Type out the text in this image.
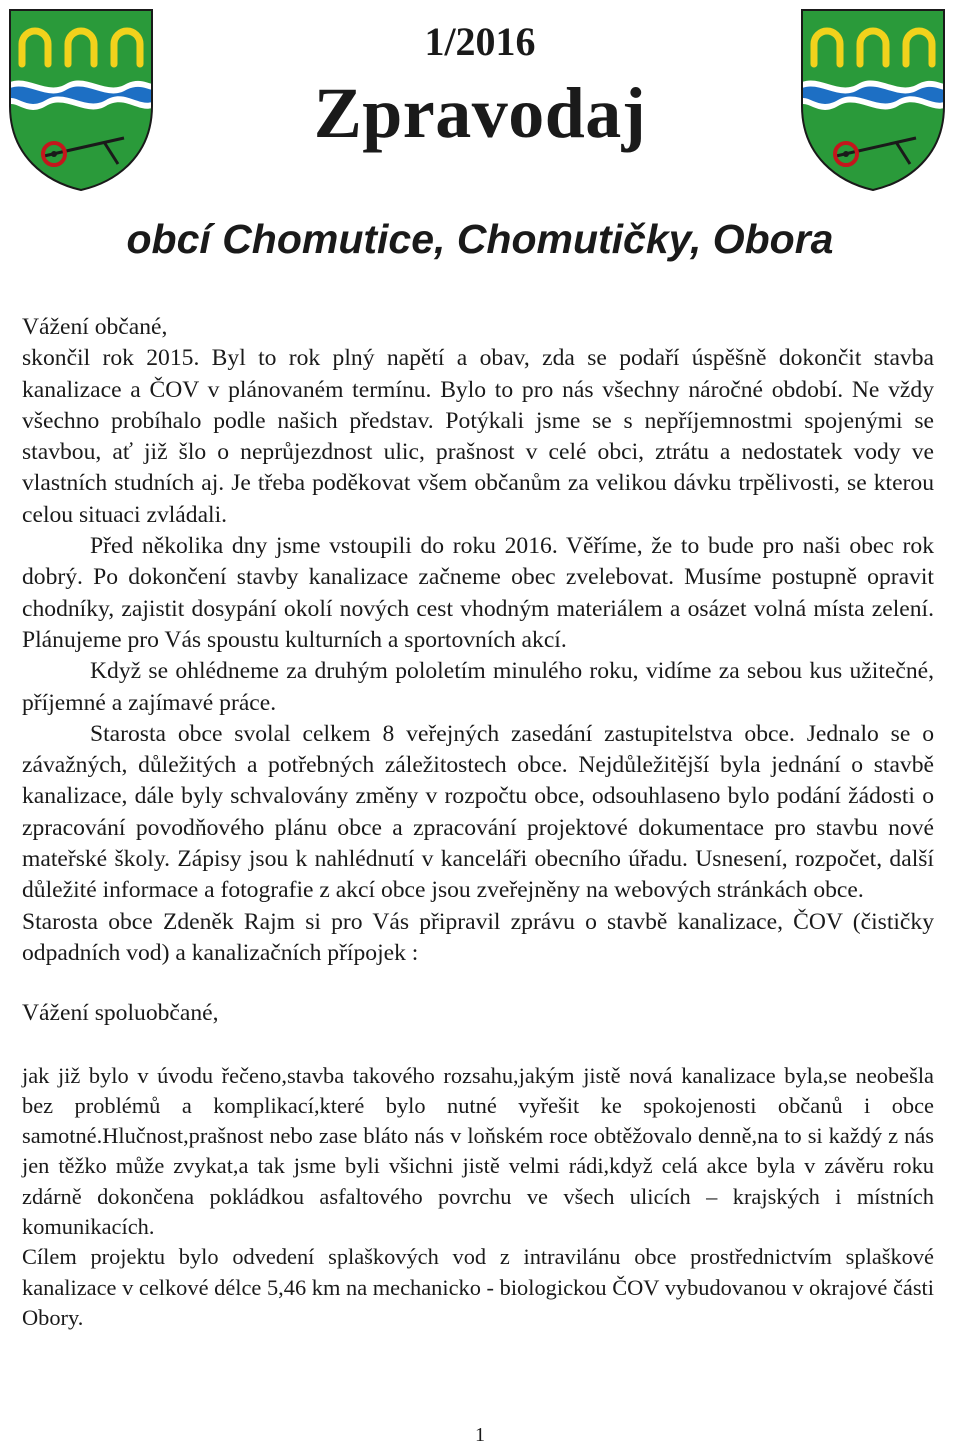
1/2016
Zpravodaj
obcí Chomutice, Chomutičky, Obora

Vážení občané,

skončil rok 2015. Byl to rok plný napětí a obav, zda se podaří úspěšně dokončit stavba kanalizace a ČOV v plánovaném termínu. Bylo to pro nás všechny náročné období. Ne vždy všechno probíhalo podle našich představ. Potýkali jsme se s nepříjemnostmi spojenými se stavbou, ať již šlo o neprůjezdnost ulic, prašnost v celé obci, ztrátu a nedostatek vody ve vlastních studních aj. Je třeba poděkovat všem občanům za velikou dávku trpělivosti, se kterou celou situaci zvládali.

Před několika dny jsme vstoupili do roku 2016. Věříme, že to bude pro naši obec rok dobrý. Po dokončení stavby kanalizace začneme obec zvelebovat. Musíme postupně opravit chodníky, zajistit dosypání okolí nových cest vhodným materiálem a osázet volná místa zelení. Plánujeme pro Vás spoustu kulturních a sportovních akcí.

Když se ohlédneme za druhým pololetím minulého roku, vidíme za sebou kus užitečné, příjemné a zajímavé práce.

Starosta obce svolal celkem 8 veřejných zasedání zastupitelstva obce. Jednalo se o závažných, důležitých a potřebných záležitostech obce. Nejdůležitější byla jednání o stavbě kanalizace, dále byly schvalovány změny v rozpočtu obce, odsouhlaseno bylo podání žádosti o zpracování povodňového plánu obce a zpracování projektové dokumentace pro stavbu nové mateřské školy. Zápisy jsou k nahlédnutí v kanceláři obecního úřadu. Usnesení, rozpočet, další důležité informace a fotografie z akcí obce jsou zveřejněny na webových stránkách obce.

Starosta obce Zdeněk Rajm si pro Vás připravil zprávu o stavbě kanalizace, ČOV (čističky odpadních vod) a kanalizačních přípojek :

Vážení spoluobčané,

jak již bylo v úvodu řečeno,stavba takového rozsahu,jakým jistě nová kanalizace byla,se neobešla bez problémů a komplikací,které bylo nutné vyřešit ke spokojenosti občanů i obce samotné.Hlučnost,prašnost nebo zase bláto nás v loňském roce obtěžovalo denně,na to si každý z nás jen těžko může zvykat,a tak jsme byli všichni jistě velmi rádi,když celá akce byla v závěru roku zdárně dokončena pokládkou asfaltového povrchu ve všech ulicích – krajských i místních komunikacích.

Cílem projektu bylo odvedení splaškových vod z intravilánu obce prostřednictvím splaškové kanalizace v celkové délce 5,46 km na mechanicko - biologickou ČOV vybudovanou v okrajové části Obory.

1
